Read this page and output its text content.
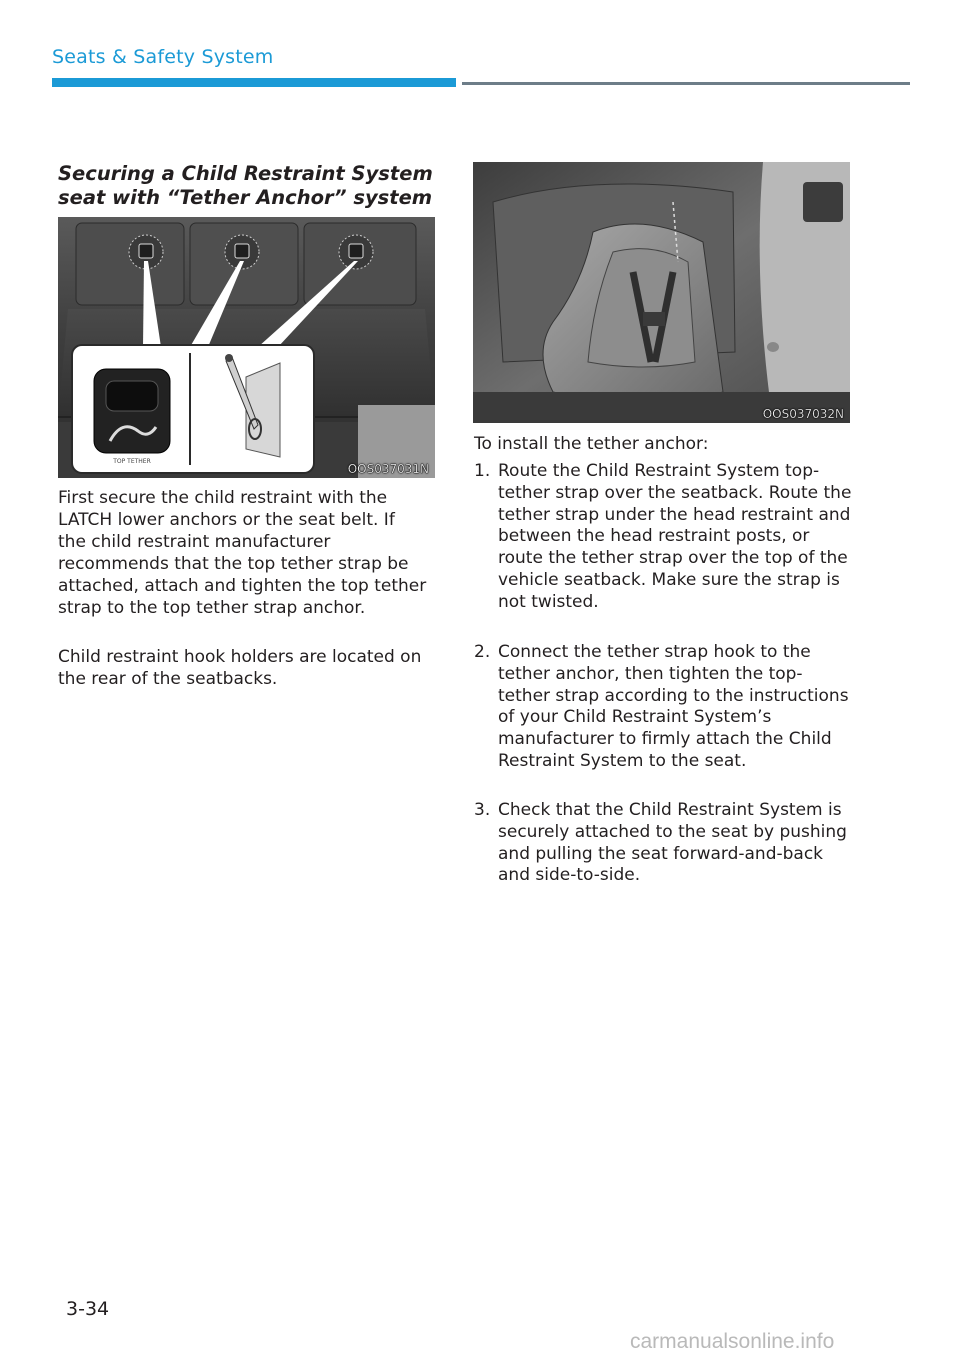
Seats & Safety System
Securing a Child Restraint System
seat with “Tether Anchor” system
TOP TETHER
OOS037031N
First secure the child restraint with the LATCH lower anchors or the seat belt. If the child restraint manufacturer recommends that the top tether strap be attached, attach and tighten the top tether strap to the top tether strap anchor.
Child restraint hook holders are located on the rear of the seatbacks.
OOS037032N
To install the tether anchor:
1. Route the Child Restraint System top-tether strap over the seatback. Route the tether strap under the head restraint and between the head restraint posts, or route the tether strap over the top of the vehicle seatback. Make sure the strap is not twisted.
2. Connect the tether strap hook to the tether anchor, then tighten the top-tether strap according to the instructions of your Child Restraint System’s manufacturer to firmly attach the Child Restraint System to the seat.
3. Check that the Child Restraint System is securely attached to the seat by pushing and pulling the seat forward-and-back and side-to-side.
3-34
carmanualsonline.info
